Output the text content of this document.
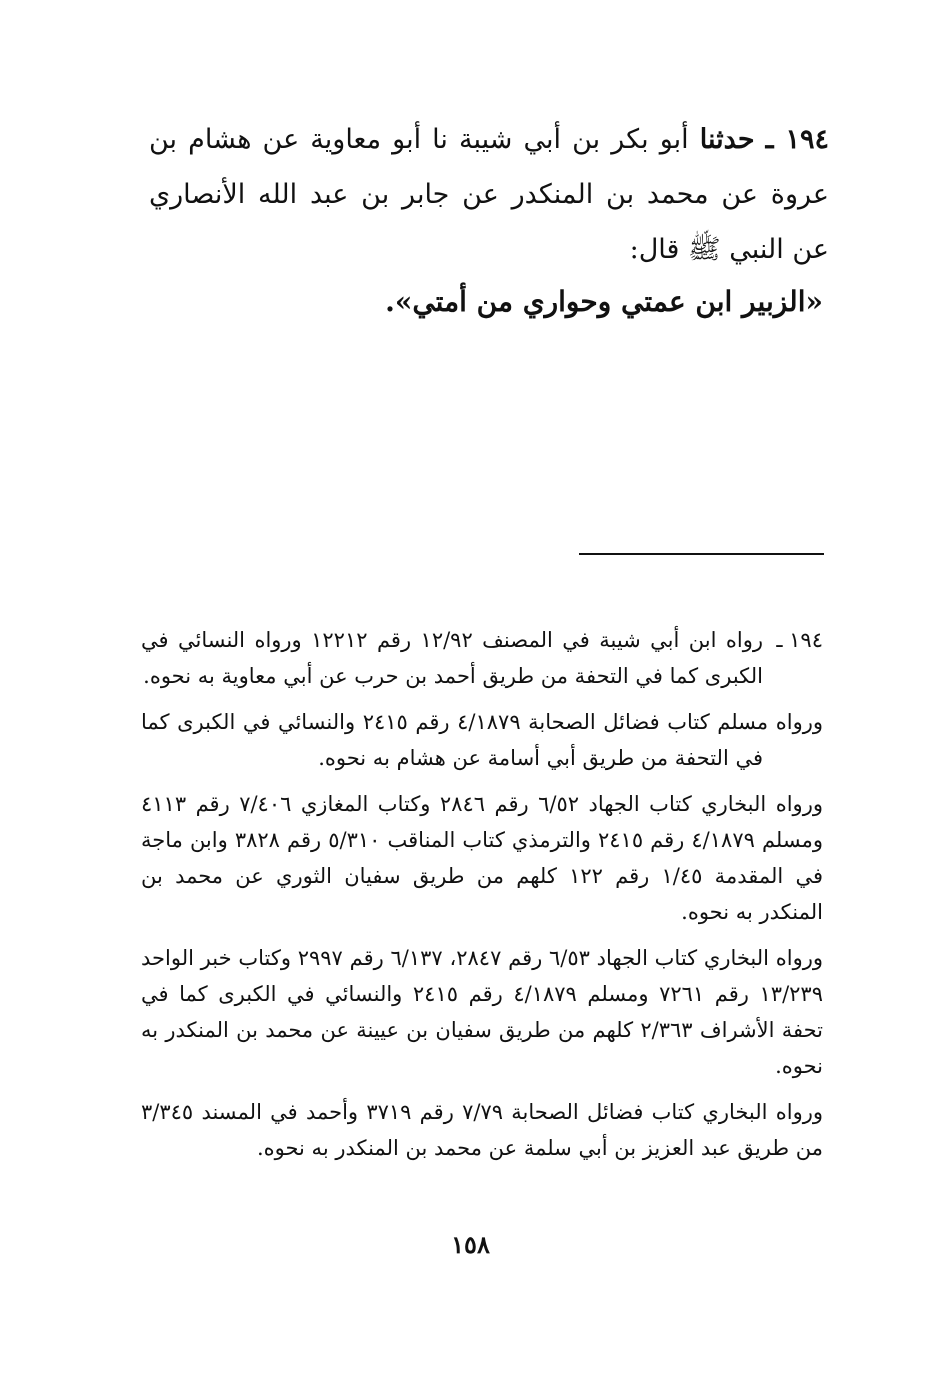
١٩٤ ـ حدثنا أبو بكر بن أبي شيبة نا أبو معاوية عن هشام بن عروة عن محمد بن المنكدر عن جابر بن عبد الله الأنصاري عن النبي ﷺ قال:

«الزبير ابن عمتي وحواري من أمتي».

١٩٤ ـ
رواه ابن أبي شيبة في المصنف ١٢/٩٢ رقم ١٢٢١٢ ورواه النسائي في الكبرى كما في التحفة من طريق أحمد بن حرب عن أبي معاوية به نحوه.

ورواه مسلم كتاب فضائل الصحابة ٤/١٨٧٩ رقم ٢٤١٥ والنسائي في الكبرى كما في التحفة من طريق أبي أسامة عن هشام به نحوه.

ورواه البخاري كتاب الجهاد ٦/٥٢ رقم ٢٨٤٦ وكتاب المغازي ٧/٤٠٦ رقم ٤١١٣ ومسلم ٤/١٨٧٩ رقم ٢٤١٥ والترمذي كتاب المناقب ٥/٣١٠ رقم ٣٨٢٨ وابن ماجة في المقدمة ١/٤٥ رقم ١٢٢ كلهم من طريق سفيان الثوري عن محمد بن المنكدر به نحوه.

ورواه البخاري كتاب الجهاد ٦/٥٣ رقم ٢٨٤٧، ٦/١٣٧ رقم ٢٩٩٧ وكتاب خبر الواحد ١٣/٢٣٩ رقم ٧٢٦١ ومسلم ٤/١٨٧٩ رقم ٢٤١٥ والنسائي في الكبرى كما في تحفة الأشراف ٢/٣٦٣ كلهم من طريق سفيان بن عيينة عن محمد بن المنكدر به نحوه.

ورواه البخاري كتاب فضائل الصحابة ٧/٧٩ رقم ٣٧١٩ وأحمد في المسند ٣/٣٤٥ من طريق عبد العزيز بن أبي سلمة عن محمد بن المنكدر به نحوه.

١٥٨
